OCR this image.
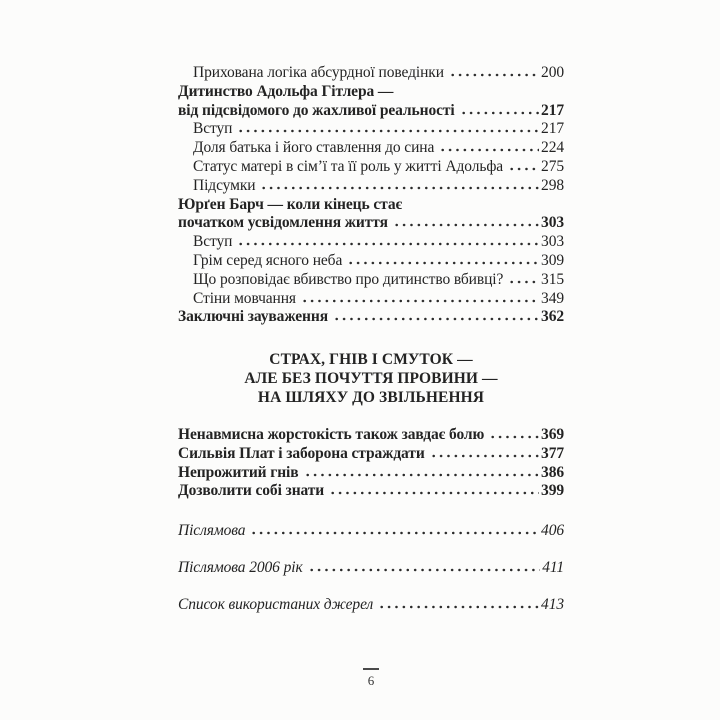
Прихована логіка абсурдної поведінки	200
Дитинство Адольфа Гітлера —
від підсвідомого до жахливої реальності	217
Вступ	217
Доля батька і його ставлення до сина	224
Статус матері в сім’ї та її роль у житті Адольфа 275
Підсумки	298
Юрґен Барч — коли кінець стає
початком усвідомлення життя	303
Вступ	303
Грім серед ясного неба	309
Що розповідає вбивство про дитинство вбивці? 315
Стіни мовчання	349
Заключні зауваження	362
СТРАХ, ГНІВ І СМУТОК —
АЛЕ БЕЗ ПОЧУТТЯ ПРОВИНИ —
НА ШЛЯХУ ДО ЗВІЛЬНЕННЯ
Ненавмисна жорстокість також завдає болю	369
Сильвія Плат і заборона страждати	377
Непрожитий гнів	386
Дозволити собі знати	399
Післямова	406
Післямова 2006 рік	411
Список використаних джерел	413
6
